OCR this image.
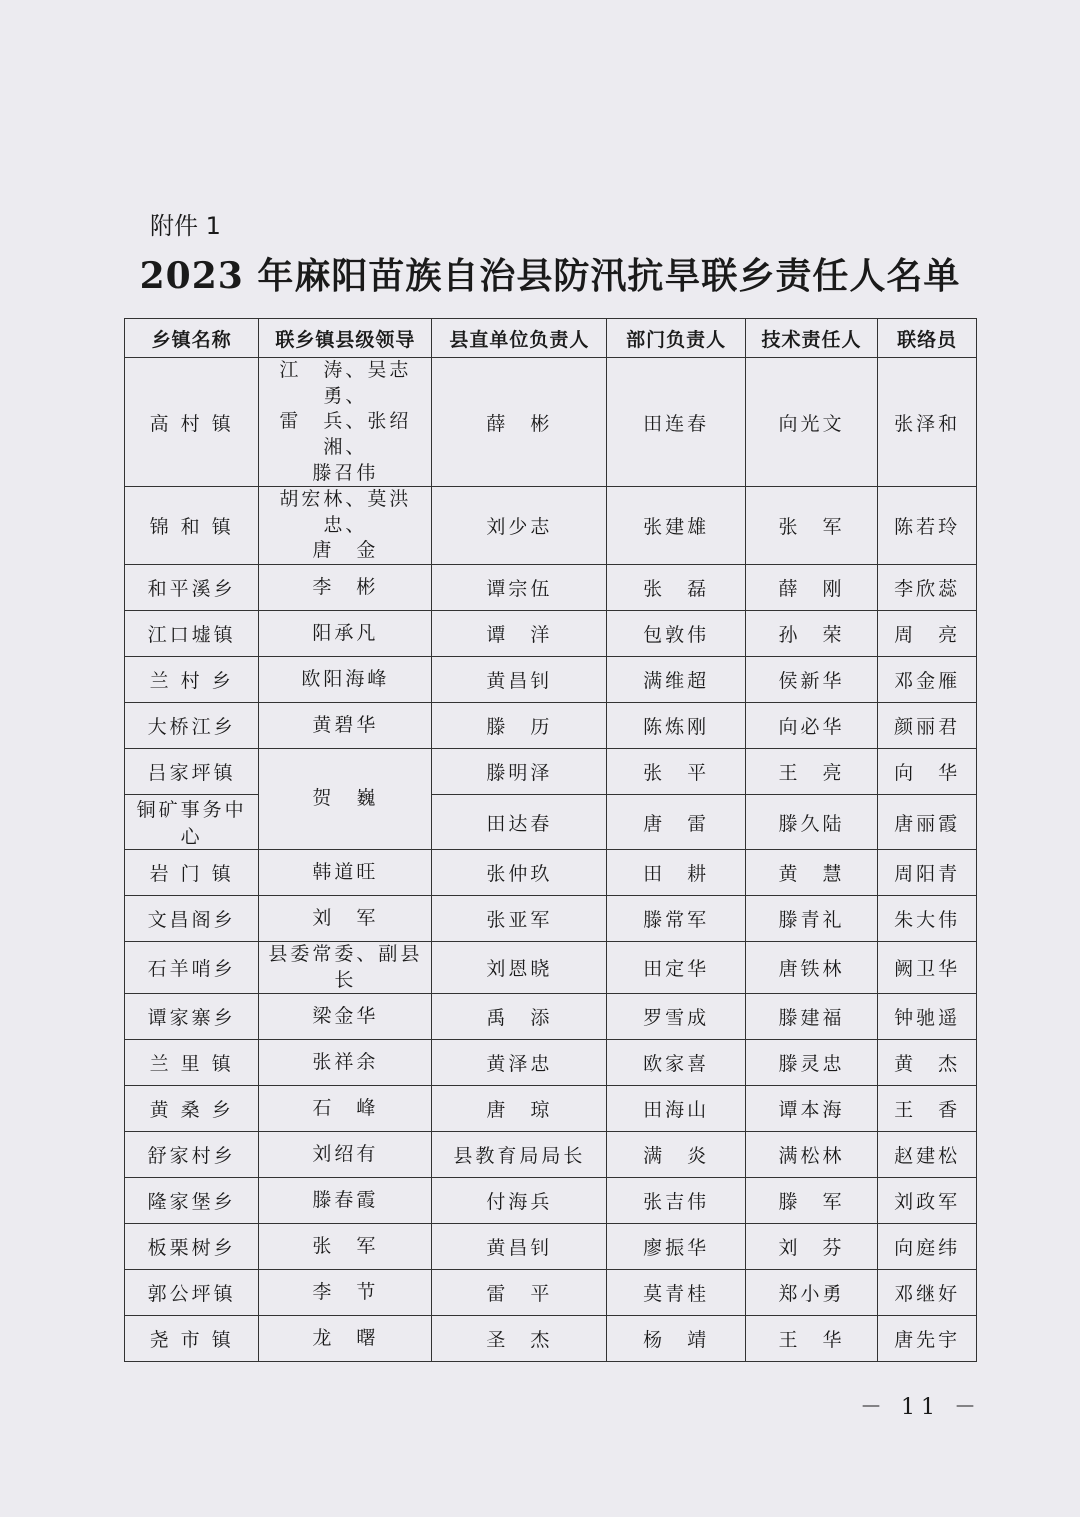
附件 1
2023 年麻阳苗族自治县防汛抗旱联乡责任人名单
乡镇名称	联乡镇县级领导	县直单位负责人	部门负责人	技术责任人	联络员
高 村 镇	江　涛、吴志勇、
雷　兵、张绍湘、
滕召伟	薛　彬	田连春	向光文	张泽和
锦 和 镇	胡宏林、莫洪忠、
唐　金	刘少志	张建雄	张　军	陈若玲
和平溪乡	李　彬	谭宗伍	张　磊	薛　刚	李欣蕊
江口墟镇	阳承凡	谭　洋	包敦伟	孙　荣	周　亮
兰 村 乡	欧阳海峰	黄昌钊	满维超	侯新华	邓金雁
大桥江乡	黄碧华	滕　历	陈炼刚	向必华	颜丽君
吕家坪镇	贺　巍	滕明泽	张　平	王　亮	向　华
铜矿事务中心		田达春	唐　雷	滕久陆	唐丽霞
岩 门 镇	韩道旺	张仲玖	田　耕	黄　慧	周阳青
文昌阁乡	刘　军	张亚军	滕常军	滕青礼	朱大伟
石羊哨乡	县委常委、副县长	刘恩晓	田定华	唐铁林	阙卫华
谭家寨乡	梁金华	禹　添	罗雪成	滕建福	钟驰遥
兰 里 镇	张祥余	黄泽忠	欧家喜	滕灵忠	黄　杰
黄 桑 乡	石　峰	唐　琼	田海山	谭本海	王　香
舒家村乡	刘绍有	县教育局局长	满　炎	满松林	赵建松
隆家堡乡	滕春霞	付海兵	张吉伟	滕　军	刘政军
板栗树乡	张　军	黄昌钊	廖振华	刘　芬	向庭纬
郭公坪镇	李　节	雷　平	莫青桂	郑小勇	邓继好
尧 市 镇	龙　曙	圣　杰	杨　靖	王　华	唐先宇
－ 11 －
